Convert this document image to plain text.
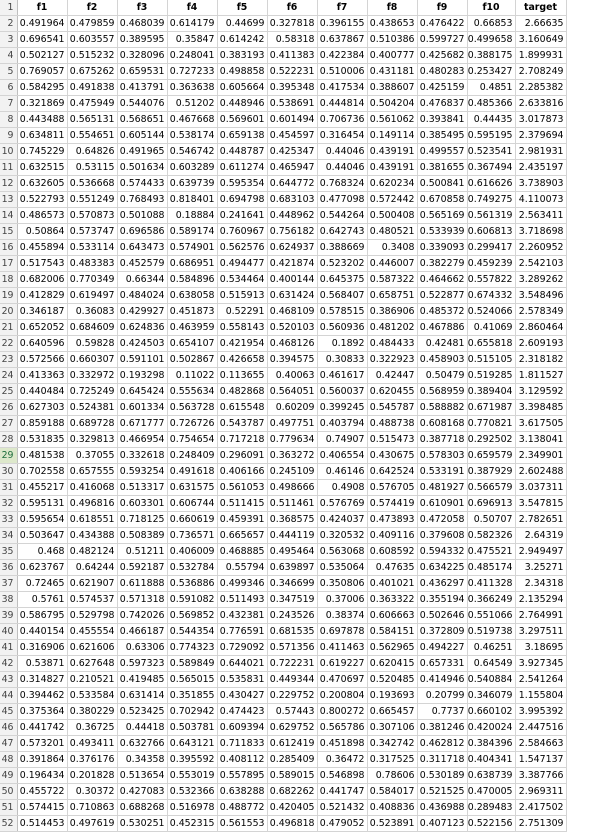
1	f1	f2	f3	f4	f5	f6	f7	f8	f9	f10	target
2	0.491964	0.479859	0.468039	0.614179	0.44699	0.327818	0.396155	0.438653	0.476422	0.66853	2.66635
3	0.696541	0.603557	0.389595	0.35847	0.614242	0.58318	0.637867	0.510386	0.599727	0.499658	3.160649
4	0.502127	0.515232	0.328096	0.248041	0.383193	0.411383	0.422384	0.400777	0.425682	0.388175	1.899931
5	0.769057	0.675262	0.659531	0.727233	0.498858	0.522231	0.510006	0.431181	0.480283	0.253427	2.708249
6	0.584295	0.491838	0.413791	0.363638	0.605664	0.395348	0.417534	0.388607	0.425159	0.4851	2.285382
7	0.321869	0.475949	0.544076	0.51202	0.448946	0.538691	0.444814	0.504204	0.476837	0.485366	2.633816
8	0.443488	0.565131	0.568651	0.467668	0.569601	0.601494	0.706736	0.561062	0.393841	0.44435	3.017873
9	0.634811	0.554651	0.605144	0.538174	0.659138	0.454597	0.316454	0.149114	0.385495	0.595195	2.379694
10	0.745229	0.64826	0.491965	0.546742	0.448787	0.425347	0.44046	0.439191	0.499557	0.523541	2.981931
11	0.632515	0.53115	0.501634	0.603289	0.611274	0.465947	0.44046	0.439191	0.381655	0.367494	2.435197
12	0.632605	0.536668	0.574433	0.639739	0.595354	0.644772	0.768324	0.620234	0.500841	0.616626	3.738903
13	0.522793	0.551249	0.768493	0.818401	0.694798	0.683103	0.477098	0.572442	0.670858	0.749275	4.110073
14	0.486573	0.570873	0.501088	0.18884	0.241641	0.448962	0.544264	0.500408	0.565169	0.561319	2.563411
15	0.50864	0.573747	0.696586	0.589174	0.760967	0.756182	0.642743	0.480521	0.533939	0.606813	3.718698
16	0.455894	0.533114	0.643473	0.574901	0.562576	0.624937	0.388669	0.3408	0.339093	0.299417	2.260952
17	0.517543	0.483383	0.452579	0.686951	0.494477	0.421874	0.523202	0.446007	0.382279	0.459239	2.542103
18	0.682006	0.770349	0.66344	0.584896	0.534464	0.400144	0.645375	0.587322	0.464662	0.557822	3.289262
19	0.412829	0.619497	0.484024	0.638058	0.515913	0.631424	0.568407	0.658751	0.522877	0.674332	3.548496
20	0.346187	0.36083	0.429927	0.451873	0.52291	0.468109	0.578515	0.386906	0.485372	0.524066	2.578349
21	0.652052	0.684609	0.624836	0.463959	0.558143	0.520103	0.560936	0.481202	0.467886	0.41069	2.860464
22	0.640596	0.59828	0.424503	0.654107	0.421954	0.468126	0.1892	0.484433	0.42481	0.655818	2.609193
23	0.572566	0.660307	0.591101	0.502867	0.426658	0.394575	0.30833	0.322923	0.458903	0.515105	2.318182
24	0.413363	0.332972	0.193298	0.11022	0.113655	0.40063	0.461617	0.42447	0.50479	0.519285	1.811527
25	0.440484	0.725249	0.645424	0.555634	0.482868	0.564051	0.560037	0.620455	0.568959	0.389404	3.129592
26	0.627303	0.524381	0.601334	0.563728	0.615548	0.60209	0.399245	0.545787	0.588882	0.671987	3.398485
27	0.859188	0.689728	0.671777	0.726726	0.543787	0.497751	0.403794	0.488738	0.608168	0.770821	3.617505
28	0.531835	0.329813	0.466954	0.754654	0.717218	0.779634	0.74907	0.515473	0.387718	0.292502	3.138041
29	0.481538	0.37055	0.332618	0.248409	0.296091	0.363272	0.406554	0.430675	0.578303	0.659579	2.349901
30	0.702558	0.657555	0.593254	0.491618	0.406166	0.245109	0.46146	0.642524	0.533191	0.387929	2.602488
31	0.455217	0.416068	0.513317	0.631575	0.561053	0.498666	0.4908	0.576705	0.481927	0.566579	3.037311
32	0.595131	0.496816	0.603301	0.606744	0.511415	0.511461	0.576769	0.574419	0.610901	0.696913	3.547815
33	0.595654	0.618551	0.718125	0.660619	0.459391	0.368575	0.424037	0.473893	0.472058	0.50707	2.782651
34	0.503647	0.434388	0.508389	0.736571	0.665657	0.444119	0.320532	0.409116	0.379608	0.582326	2.64319
35	0.468	0.482124	0.51211	0.406009	0.468885	0.495464	0.563068	0.608592	0.594332	0.475521	2.949497
36	0.623767	0.64244	0.592187	0.532784	0.55794	0.639897	0.535064	0.47635	0.634225	0.485174	3.25271
37	0.72465	0.621907	0.611888	0.536886	0.499346	0.346699	0.350806	0.401021	0.436297	0.411328	2.34318
38	0.5761	0.574537	0.571318	0.591082	0.511493	0.347519	0.37006	0.363322	0.355194	0.366249	2.135294
39	0.586795	0.529798	0.742026	0.569852	0.432381	0.243526	0.38374	0.606663	0.502646	0.551066	2.764991
40	0.440154	0.455554	0.466187	0.544354	0.776591	0.681535	0.697878	0.584151	0.372809	0.519738	3.297511
41	0.316906	0.621606	0.63306	0.774323	0.729092	0.571356	0.411463	0.562965	0.494227	0.46251	3.18695
42	0.53871	0.627648	0.597323	0.589849	0.644021	0.722231	0.619227	0.620415	0.657331	0.64549	3.927345
43	0.314827	0.210521	0.419485	0.565015	0.535831	0.449344	0.470697	0.520485	0.414946	0.540884	2.541264
44	0.394462	0.533584	0.631414	0.351855	0.430427	0.229752	0.200804	0.193693	0.20799	0.346079	1.155804
45	0.375364	0.380229	0.523425	0.702942	0.474423	0.57443	0.800272	0.665457	0.7737	0.660102	3.995392
46	0.441742	0.36725	0.44418	0.503781	0.609394	0.629752	0.565786	0.307106	0.381246	0.420024	2.447516
47	0.573201	0.493411	0.632766	0.643121	0.711833	0.612419	0.451898	0.342742	0.462812	0.384396	2.584663
48	0.391864	0.376176	0.34358	0.395592	0.408112	0.285409	0.36472	0.317525	0.311718	0.404341	1.547137
49	0.196434	0.201828	0.513654	0.553019	0.557895	0.589015	0.546898	0.78606	0.530189	0.638739	3.387766
50	0.455722	0.30372	0.427083	0.532366	0.638288	0.682262	0.441747	0.584017	0.521525	0.470005	2.969311
51	0.574415	0.710863	0.688268	0.516978	0.488772	0.420405	0.521432	0.408836	0.436988	0.289483	2.417502
52	0.514453	0.497619	0.530251	0.452315	0.561553	0.496818	0.479052	0.523891	0.407123	0.522156	2.751309
